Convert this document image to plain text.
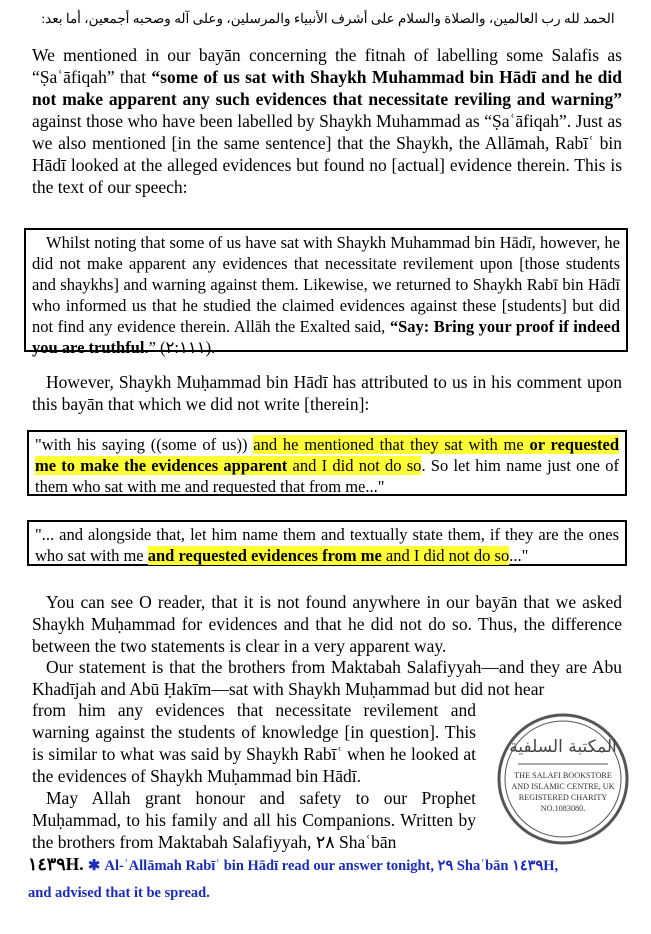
الحمد لله رب العالمين، والصلاة والسلام على أشرف الأنبياء والمرسلين، وعلى آله وصحبه أجمعين، أما بعد:

We mentioned in our bayān concerning the fitnah of labelling some Salafis as “Ṣaʿāfiqah” that “some of us sat with Shaykh Muhammad bin Hādī and he did not make apparent any such evidences that necessitate reviling and warning” against those who have been labelled by Shaykh Muhammad as “Ṣaʿāfiqah”. Just as we also mentioned [in the same sentence] that the Shaykh, the Allāmah, Rabīʿ bin Hādī looked at the alleged evidences but found no [actual] evidence therein. This is the text of our speech:

Whilst noting that some of us have sat with Shaykh Muhammad bin Hādī, however, he did not make apparent any evidences that necessitate revilement upon [those students and shaykhs] and warning against them. Likewise, we returned to Shaykh Rabī bin Hādī who informed us that he studied the claimed evidences against these [students] but did not find any evidence therein. Allāh the Exalted said, “Say: Bring your proof if indeed you are truthful.” (٢:١١١).

However, Shaykh Muḥammad bin Hādī has attributed to us in his comment upon this bayān that which we did not write [therein]:

"with his saying ((some of us)) and he mentioned that they sat with me or requested me to make the evidences apparent and I did not do so. So let him name just one of them who sat with me and requested that from me..."

"... and alongside that, let him name them and textually state them, if they are the ones who sat with me and requested evidences from me and I did not do so..."

You can see O reader, that it is not found anywhere in our bayān that we asked Shaykh Muḥammad for evidences and that he did not do so. Thus, the difference between the two statements is clear in a very apparent way.

Our statement is that the brothers from Maktabah Salafiyyah—and they are Abu Khadījah and Abū Ḥakīm—sat with Shaykh Muḥammad but did not hear

from him any evidences that necessitate revilement and warning against the students of knowledge [in question]. This is similar to what was said by Shaykh Rabīʿ when he looked at the evidences of Shaykh Muḥammad bin Hādī.

May Allah grant honour and safety to our Prophet Muḥammad, to his family and all his Companions. Written by the brothers from Maktabah Salafiyyah, ٢٨ Shaʿbān

١٤٣٩H. ✱ Al-ʿAllāmah Rabīʿ bin Hādī read our answer tonight, ٢٩ Shaʿbān ١٤٣٩H,
and advised that it be spread.
المكتبة السلفية
THE SALAFI BOOKSTORE
AND ISLAMIC CENTRE, UK
REGISTERED CHARITY
NO.1083080.
